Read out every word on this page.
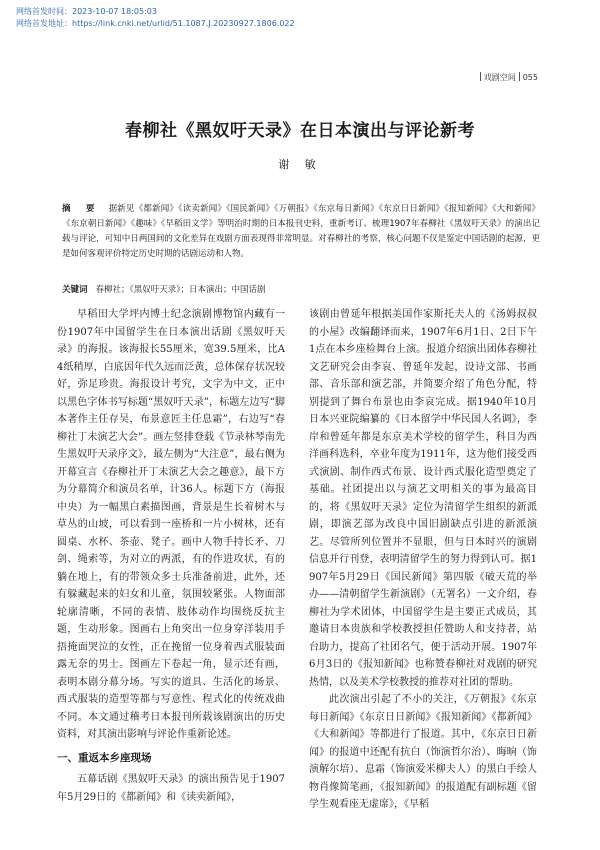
网络首发时间：2023-10-07 18:05:03
网络首发地址：https://link.cnki.net/urlid/51.1087.J.20230927.1806.022
戏剧空间 055
春柳社《黑奴吁天录》在日本演出与评论新考
谢 敏
摘 要 据新见《都新闻》《读卖新闻》《国民新闻》《万朝报》《东京每日新闻》《东京日日新闻》《报知新闻》《大和新闻》《东京朝日新闻》《趣味》《早稻田文学》等明治时期的日本报刊史料，重新考订、梳理1907年春柳社《黑奴吁天录》的演出记载与评论，可知中日两国间的文化差异在戏剧方面表现得非常明显。对春柳社的考察，核心问题不仅是鉴定中国话剧的起源，更是如何客观评价特定历史时期的话剧运动和人物。
关键词 春柳社；《黑奴吁天录》；日本演出；中国话剧

早稻田大学坪内博士纪念演剧博物馆内藏有一份1907年中国留学生在日本演出话剧《黑奴吁天录》的海报。该海报长55厘米，宽39.5厘米，比A4纸稍厚，白底因年代久远而泛黄，总体保存状况较好，弥足珍贵。海报设计考究，文字为中文，正中以黑色字体书写标题“黑奴吁天录”，标题左边写“脚本著作主任存吴，布景意匠主任息霜”，右边写“春柳社丁未演艺大会”。画左竖排登载《节录林琴南先生黑奴吁天录序文》，最左侧为“大注意”，最右侧为开幕宣言《春柳社开丁未演艺大会之趣意》，最下方为分幕简介和演员名单，计36人。标题下方（海报中央）为一幅黑白素描图画，背景是生长着树木与草丛的山坡，可以看到一座桥和一片小树林，还有圆桌、水杯、茶壶、凳子。画中人物手持长矛、刀剑、绳索等，为对立的两派，有的作进攻状，有的躺在地上，有的带领众多士兵准备前进，此外，还有躲藏起来的妇女和儿童，氛围较紧张。人物面部轮廓清晰，不同的表情、肢体动作均围绕反抗主题，生动形象。图画右上角突出一位身穿洋装用手捂掩面哭泣的女性，正在挽留一位身着西式服装面露无奈的男士。图画左下卷起一角，显示还有画，表明本剧分幕分场。写实的道具、生活化的场景、西式服装的造型等都与写意性、程式化的传统戏曲不同。本文通过稽考日本报刊所载该剧演出的历史资料，对其演出影响与评论作重新论述。

一、重返本乡座现场

五幕话剧《黑奴吁天录》的演出预告见于1907年5月29日的《都新闻》和《读卖新闻》，

该剧由曾延年根据美国作家斯托夫人的《汤姆叔叔的小屋》改编翻译而来，1907年6月1日、2日下午1点在本乡座检舞台上演。报道介绍演出团体春柳社文艺研究会由李哀、曾延年发起，设诗文部、书画部、音乐部和演艺部，并简要介绍了角色分配，特别提到了舞台布景也由李哀完成。据1940年10月日本兴亚院编纂的《日本留学中华民国人名调》，李岸和曾延年都是东京美术学校的留学生，科目为西洋画科选科，卒业年度为1911年，这为他们接受西式演剧、制作西式布景、设计西式服化造型奠定了基础。社团提出以与演艺文明相关的事为最高目的，将《黑奴吁天录》定位为清留学生组织的新派剧，即演艺部为改良中国旧剧缺点引进的新派演艺。尽管所列位置并不显眼，但与日本时兴的演剧信息并行刊登，表明清留学生的努力得到认可。据1907年5月29日《国民新闻》第四版《破天荒的举办——清朝留学生新演剧》（无署名）一文介绍，春柳社为学术团体，中国留学生是主要正式成员，其邀请日本贵族和学校教授担任赞助人和支持者，站台助力，提高了社团名气，便于活动开展。1907年6月3日的《报知新闻》也称赞春柳社对戏剧的研究热情，以及美术学校教授的推荐对社团的帮助。

此次演出引起了不小的关注，《万朝报》《东京每日新闻》《东京日日新闻》《报知新闻》《都新闻》《大和新闻》等都进行了报道。其中，《东京日日新闻》的报道中还配有抗白（饰演哲尔治）、晦晌（饰演解尔培）、息霜（饰演爱米柳夫人）的黑白手绘人物肖像简笔画，《报知新闻》的报道配有副标题《留学生观看座无虚席》，《早稻
